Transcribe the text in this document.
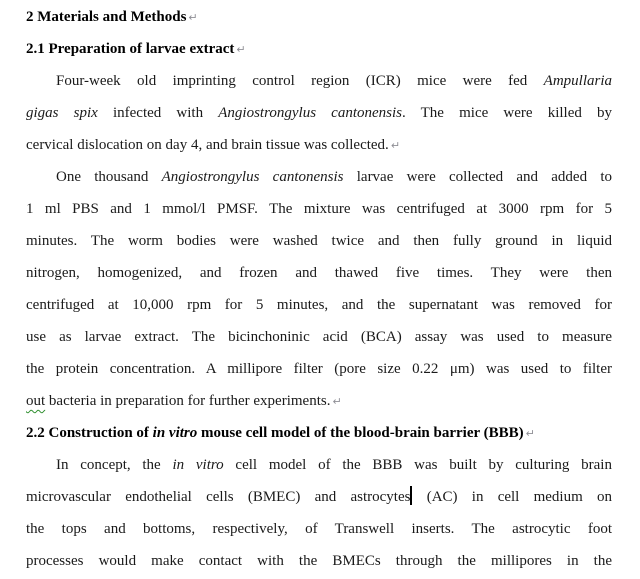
2 Materials and Methods ↵
2.1 Preparation of larvae extract ↵
Four-week old imprinting control region (ICR) mice were fed Ampullaria
gigas spix infected with Angiostrongylus cantonensis. The mice were killed by
cervical dislocation on day 4, and brain tissue was collected. ↵
One thousand Angiostrongylus cantonensis larvae were collected and added to
1 ml PBS and 1 mmol/l PMSF. The mixture was centrifuged at 3000 rpm for 5
minutes. The worm bodies were washed twice and then fully ground in liquid
nitrogen, homogenized, and frozen and thawed five times. They were then
centrifuged at 10,000 rpm for 5 minutes, and the supernatant was removed for
use as larvae extract. The bicinchoninic acid (BCA) assay was used to measure
the protein concentration. A millipore filter (pore size 0.22 μm) was used to filter
out bacteria in preparation for further experiments. ↵
2.2 Construction of in vitro mouse cell model of the blood-brain barrier (BBB) ↵
In concept, the in vitro cell model of the BBB was built by culturing brain
microvascular endothelial cells (BMEC) and astrocytes (AC) in cell medium on
the tops and bottoms, respectively, of Transwell inserts. The astrocytic foot
processes would make contact with the BMECs through the millipores in the
